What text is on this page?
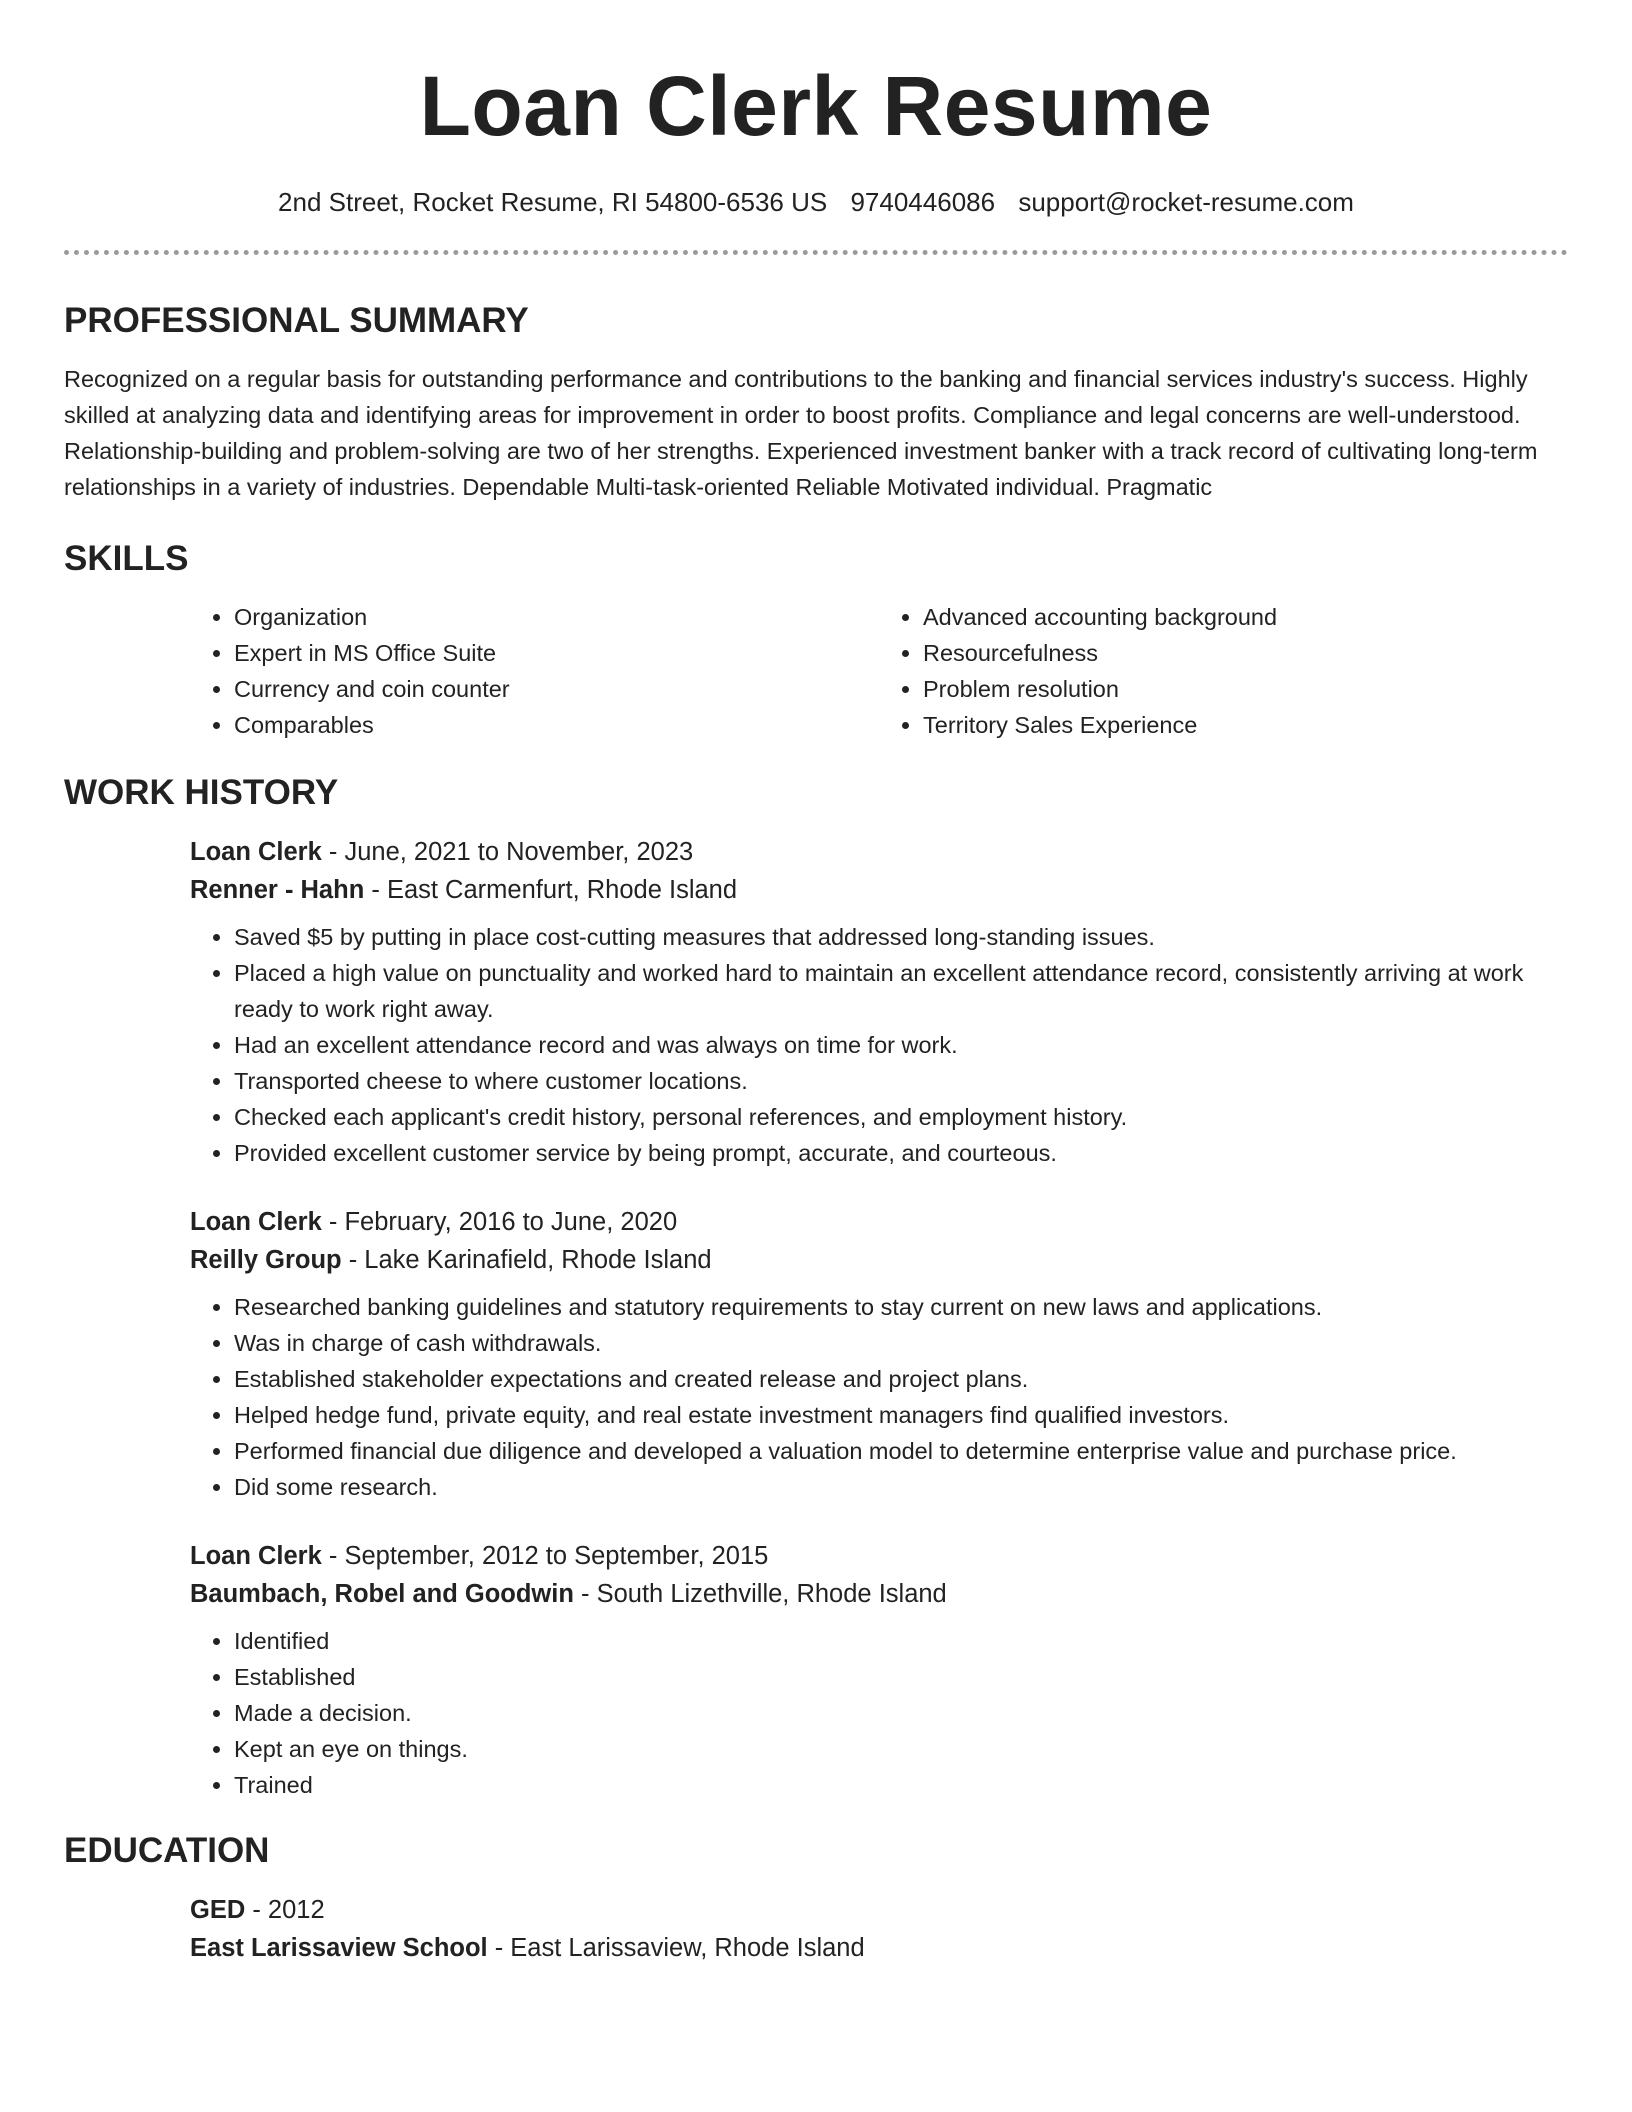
Loan Clerk Resume
2nd Street, Rocket Resume, RI 54800-6536 US 9740446086 support@rocket-resume.com
PROFESSIONAL SUMMARY

Recognized on a regular basis for outstanding performance and contributions to the banking and financial services industry's success. Highly skilled at analyzing data and identifying areas for improvement in order to boost profits. Compliance and legal concerns are well-understood. Relationship-building and problem-solving are two of her strengths. Experienced investment banker with a track record of cultivating long-term relationships in a variety of industries. Dependable Multi-task-oriented Reliable Motivated individual. Pragmatic

SKILLS
• Organization
• Expert in MS Office Suite
• Currency and coin counter
• Comparables
• Advanced accounting background
• Resourcefulness
• Problem resolution
• Territory Sales Experience
WORK HISTORY
Loan Clerk - June, 2021 to November, 2023
Renner - Hahn - East Carmenfurt, Rhode Island
• Saved $5 by putting in place cost-cutting measures that addressed long-standing issues.
• Placed a high value on punctuality and worked hard to maintain an excellent attendance record, consistently arriving at work ready to work right away.
• Had an excellent attendance record and was always on time for work.
• Transported cheese to where customer locations.
• Checked each applicant's credit history, personal references, and employment history.
• Provided excellent customer service by being prompt, accurate, and courteous.
Loan Clerk - February, 2016 to June, 2020
Reilly Group - Lake Karinafield, Rhode Island
• Researched banking guidelines and statutory requirements to stay current on new laws and applications.
• Was in charge of cash withdrawals.
• Established stakeholder expectations and created release and project plans.
• Helped hedge fund, private equity, and real estate investment managers find qualified investors.
• Performed financial due diligence and developed a valuation model to determine enterprise value and purchase price.
• Did some research.
Loan Clerk - September, 2012 to September, 2015
Baumbach, Robel and Goodwin - South Lizethville, Rhode Island
• Identified
• Established
• Made a decision.
• Kept an eye on things.
• Trained
EDUCATION
GED - 2012
East Larissaview School - East Larissaview, Rhode Island
